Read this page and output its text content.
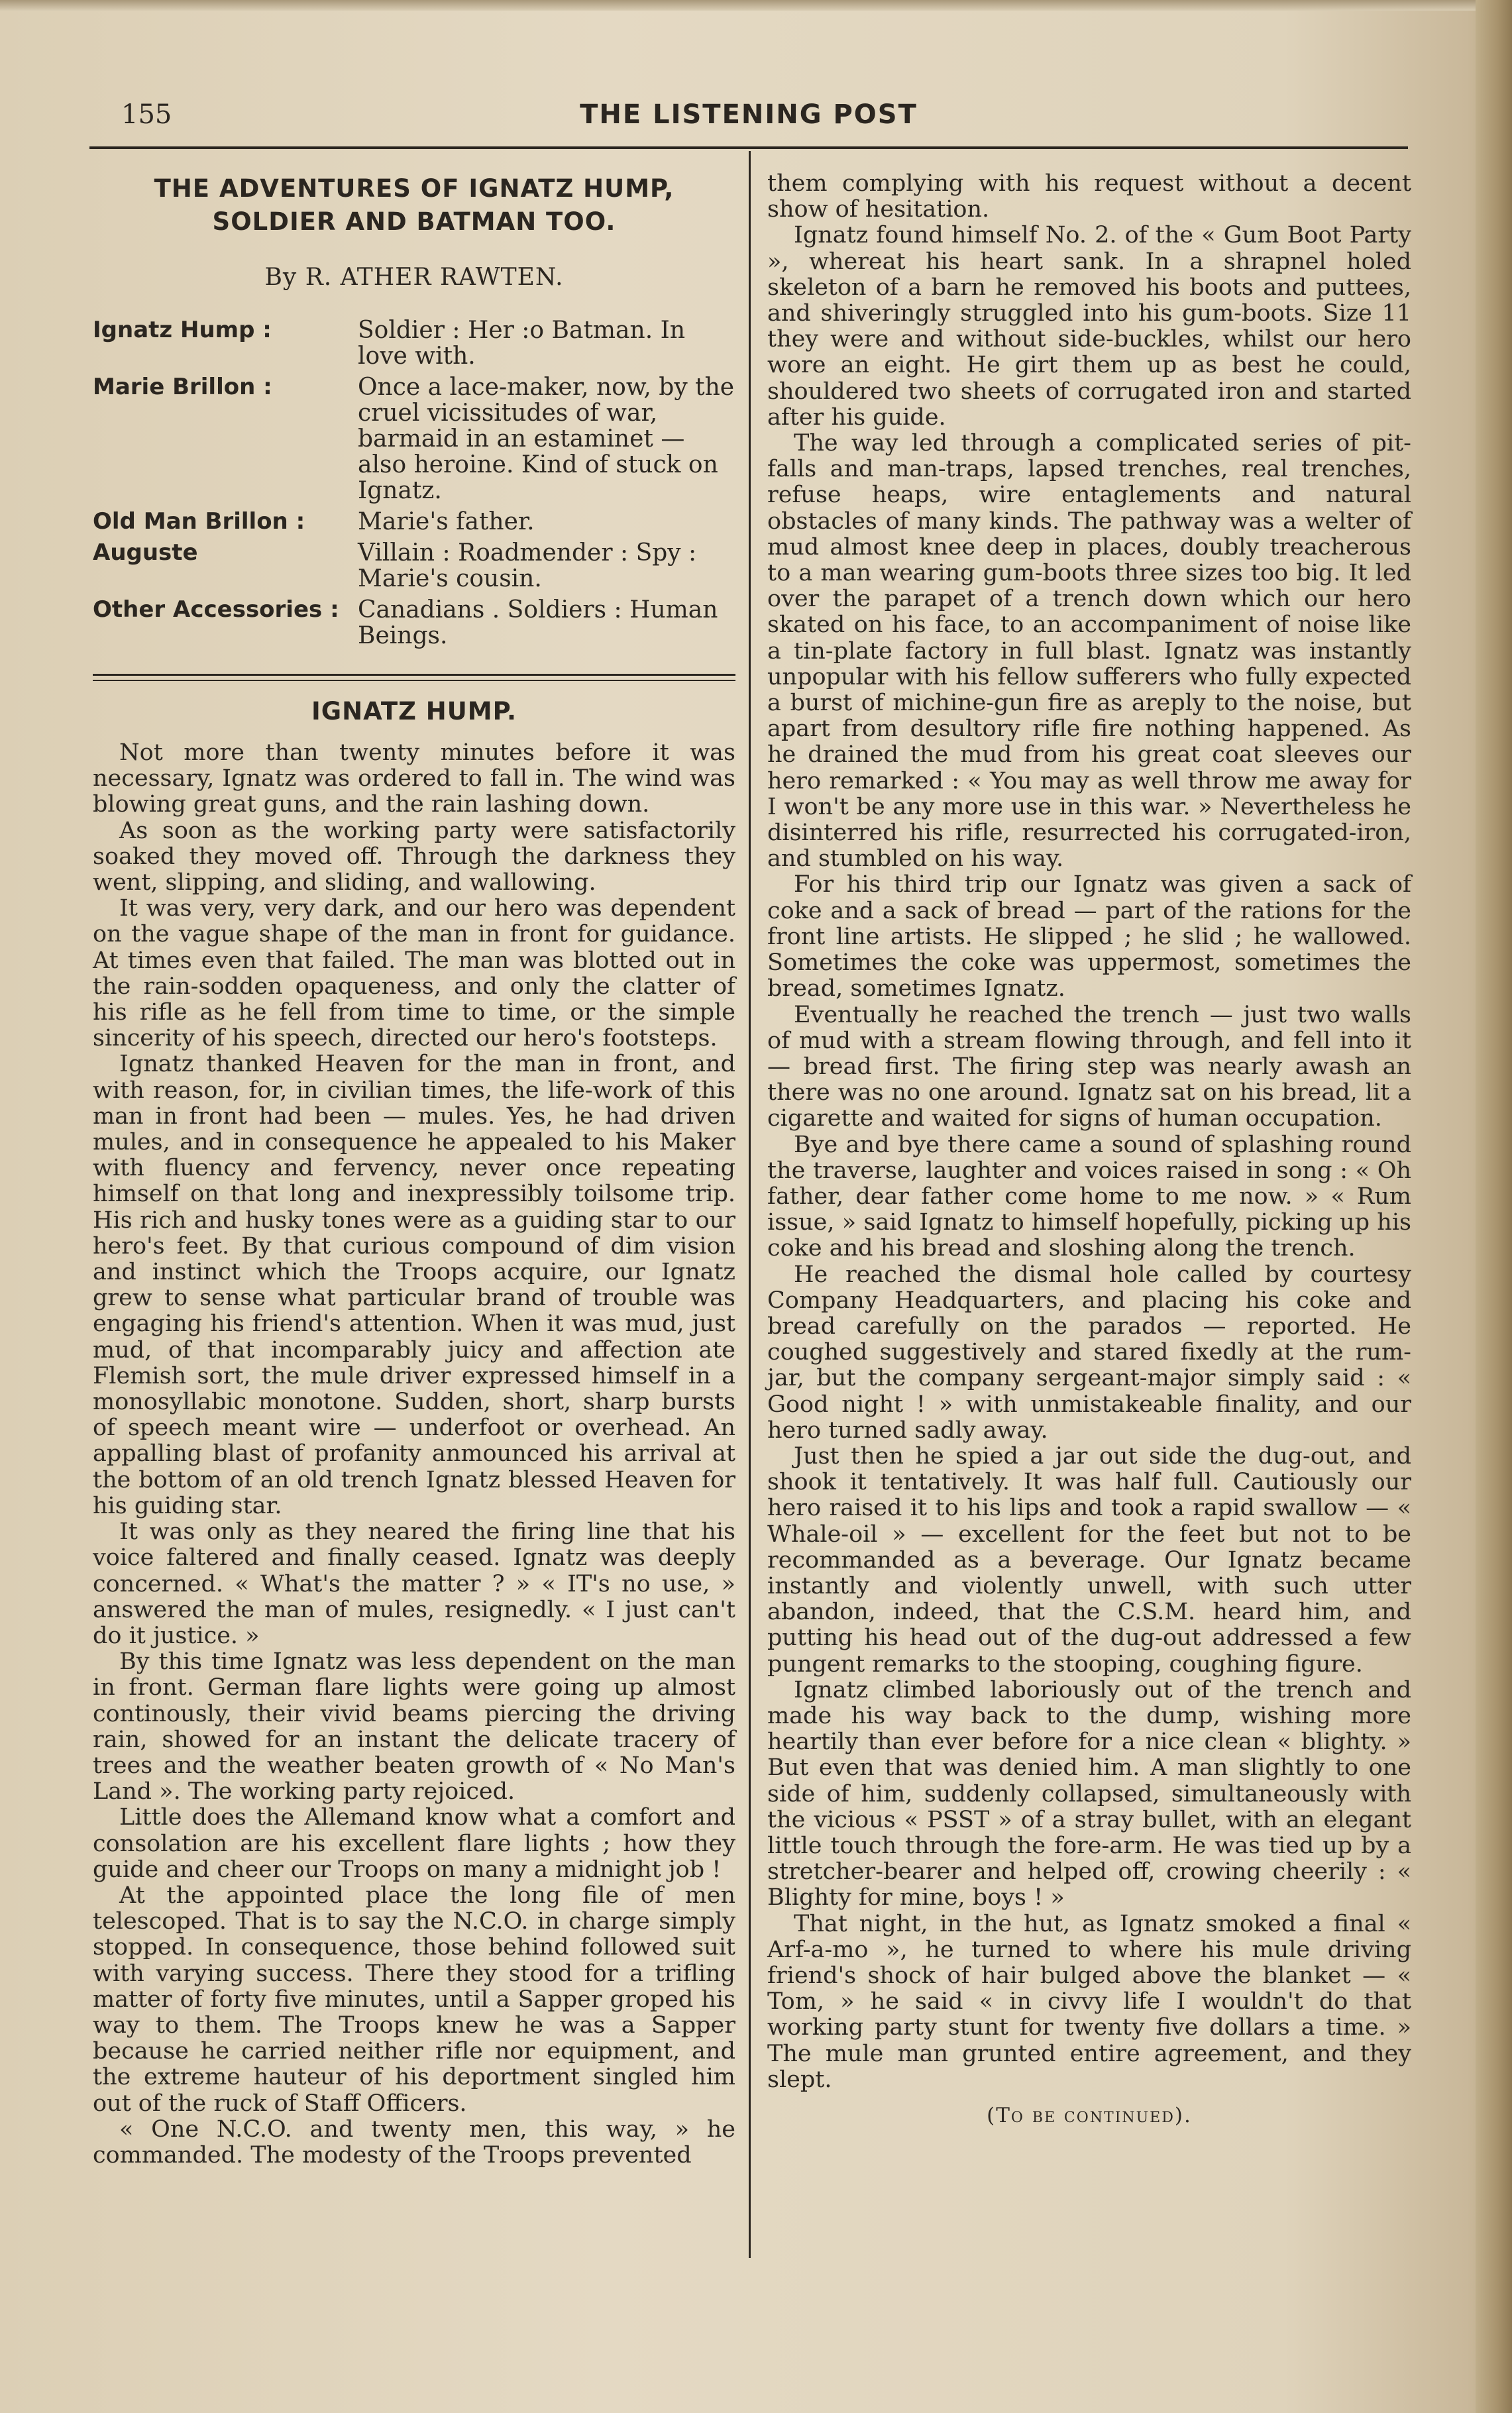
155	THE LISTENING POST
THE ADVENTURES OF IGNATZ HUMP,
SOLDIER AND BATMAN TOO.
By R. ATHER RAWTEN.
Ignatz Hump :	Soldier : Her :o Batman. In love with.
Marie Brillon :	Once a lace-maker, now, by the cruel vicissitudes of war, barmaid in an estaminet — also heroine. Kind of stuck on Ignatz.
Old Man Brillon :	Marie's father.
Auguste	Villain : Roadmender : Spy : Marie's cousin.
Other Accessories :	Canadians . Soldiers : Human Beings.
IGNATZ HUMP.

Not more than twenty minutes before it was necessary, Ignatz was ordered to fall in. The wind was blowing great guns, and the rain lashing down.

As soon as the working party were satisfactorily soaked they moved off. Through the darkness they went, slipping, and sliding, and wallowing.

It was very, very dark, and our hero was dependent on the vague shape of the man in front for guidance. At times even that failed. The man was blotted out in the rain-sodden opaqueness, and only the clatter of his rifle as he fell from time to time, or the simple sincerity of his speech, directed our hero's footsteps.

Ignatz thanked Heaven for the man in front, and with reason, for, in civilian times, the life-work of this man in front had been — mules. Yes, he had driven mules, and in consequence he appealed to his Maker with fluency and fervency, never once repeating himself on that long and inexpressibly toilsome trip. His rich and husky tones were as a guiding star to our hero's feet. By that curious compound of dim vision and instinct which the Troops acquire, our Ignatz grew to sense what particular brand of trouble was engaging his friend's attention. When it was mud, just mud, of that incomparably juicy and affection ate Flemish sort, the mule driver expressed himself in a monosyllabic monotone. Sudden, short, sharp bursts of speech meant wire — underfoot or overhead. An appalling blast of profanity anmounced his arrival at the bottom of an old trench Ignatz blessed Heaven for his guiding star.

It was only as they neared the firing line that his voice faltered and finally ceased. Ignatz was deeply concerned. « What's the matter ? » « IT's no use, » answered the man of mules, resignedly. « I just can't do it justice. »

By this time Ignatz was less dependent on the man in front. German flare lights were going up almost continously, their vivid beams piercing the driving rain, showed for an instant the delicate tracery of trees and the weather beaten growth of « No Man's Land ». The working party rejoiced.

Little does the Allemand know what a comfort and consolation are his excellent flare lights ; how they guide and cheer our Troops on many a midnight job !

At the appointed place the long file of men telescoped. That is to say the N.C.O. in charge simply stopped. In consequence, those behind followed suit with varying success. There they stood for a trifling matter of forty five minutes, until a Sapper groped his way to them. The Troops knew he was a Sapper because he carried neither rifle nor equipment, and the extreme hauteur of his deportment singled him out of the ruck of Staff Officers.

« One N.C.O. and twenty men, this way, » he commanded. The modesty of the Troops prevented

them complying with his request without a decent show of hesitation.

Ignatz found himself No. 2. of the « Gum Boot Party », whereat his heart sank. In a shrapnel holed skeleton of a barn he removed his boots and puttees, and shiveringly struggled into his gum-boots. Size 11 they were and without side-buckles, whilst our hero wore an eight. He girt them up as best he could, shouldered two sheets of corrugated iron and started after his guide.

The way led through a complicated series of pit-falls and man-traps, lapsed trenches, real trenches, refuse heaps, wire entaglements and natural obstacles of many kinds. The pathway was a welter of mud almost knee deep in places, doubly treacherous to a man wearing gum-boots three sizes too big. It led over the parapet of a trench down which our hero skated on his face, to an accompaniment of noise like a tin-plate factory in full blast. Ignatz was instantly unpopular with his fellow sufferers who fully expected a burst of michine-gun fire as areply to the noise, but apart from desultory rifle fire nothing happened. As he drained the mud from his great coat sleeves our hero remarked : « You may as well throw me away for I won't be any more use in this war. » Nevertheless he disinterred his rifle, resurrected his corrugated-iron, and stumbled on his way.

For his third trip our Ignatz was given a sack of coke and a sack of bread — part of the rations for the front line artists. He slipped ; he slid ; he wallowed. Sometimes the coke was uppermost, sometimes the bread, sometimes Ignatz.

Eventually he reached the trench — just two walls of mud with a stream flowing through, and fell into it — bread first. The firing step was nearly awash an there was no one around. Ignatz sat on his bread, lit a cigarette and waited for signs of human occupation.

Bye and bye there came a sound of splashing round the traverse, laughter and voices raised in song : « Oh father, dear father come home to me now. » « Rum issue, » said Ignatz to himself hopefully, picking up his coke and his bread and sloshing along the trench.

He reached the dismal hole called by courtesy Company Headquarters, and placing his coke and bread carefully on the parados — reported. He coughed suggestively and stared fixedly at the rum-jar, but the company sergeant-major simply said : « Good night ! » with unmistakeable finality, and our hero turned sadly away.

Just then he spied a jar out side the dug-out, and shook it tentatively. It was half full. Cautiously our hero raised it to his lips and took a rapid swallow — « Whale-oil » — excellent for the feet but not to be recommanded as a beverage. Our Ignatz became instantly and violently unwell, with such utter abandon, indeed, that the C.S.M. heard him, and putting his head out of the dug-out addressed a few pungent remarks to the stooping, coughing figure.

Ignatz climbed laboriously out of the trench and made his way back to the dump, wishing more heartily than ever before for a nice clean « blighty. » But even that was denied him. A man slightly to one side of him, suddenly collapsed, simultaneously with the vicious « PSST » of a stray bullet, with an elegant little touch through the fore-arm. He was tied up by a stretcher-bearer and helped off, crowing cheerily : « Blighty for mine, boys ! »

That night, in the hut, as Ignatz smoked a final « Arf-a-mo », he turned to where his mule driving friend's shock of hair bulged above the blanket — « Tom, » he said « in civvy life I wouldn't do that working party stunt for twenty five dollars a time. » The mule man grunted entire agreement, and they slept.

(To be continued).
